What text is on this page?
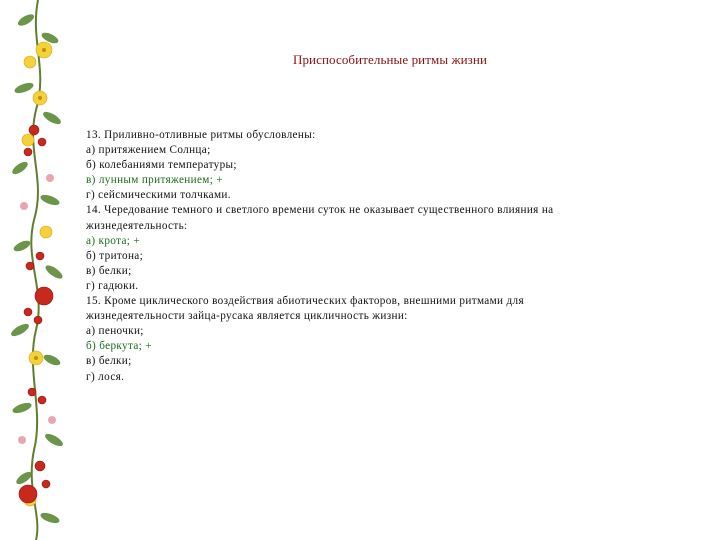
Приспособительные ритмы жизни
13. Приливно-отливные ритмы обусловлены:
а) притяжением Солнца;
б) колебаниями температуры;
в) лунным притяжением; +
г) сейсмическими толчками.
14. Чередование темного и светлого времени суток не оказывает существенного влияния на
жизнедеятельность:
а) крота; +
б) тритона;
в) белки;
г) гадюки.
15. Кроме циклического воздействия абиотических факторов, внешними ритмами для
жизнедеятельности зайца-русака является цикличность жизни:
а) пеночки;
б) беркута; +
в) белки;
г) лося.
